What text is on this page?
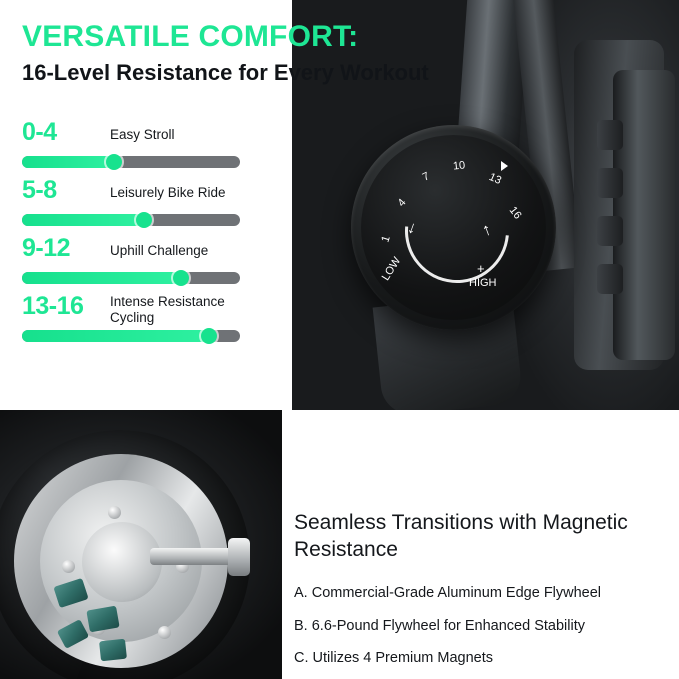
↓	↓
1
4
7
10
13
16
LOW	+
HIGH
VERSATILE COMFORT:
16-Level Resistance for Every Workout
0-4	Easy Stroll
5-8	Leisurely Bike Ride
9-12	Uphill Challenge
13-16 Intense Resistance Cycling
Seamless Transitions with Magnetic Resistance
A. Commercial-Grade Aluminum Edge Flywheel
B. 6.6-Pound Flywheel for Enhanced Stability
C. Utilizes 4 Premium Magnets
